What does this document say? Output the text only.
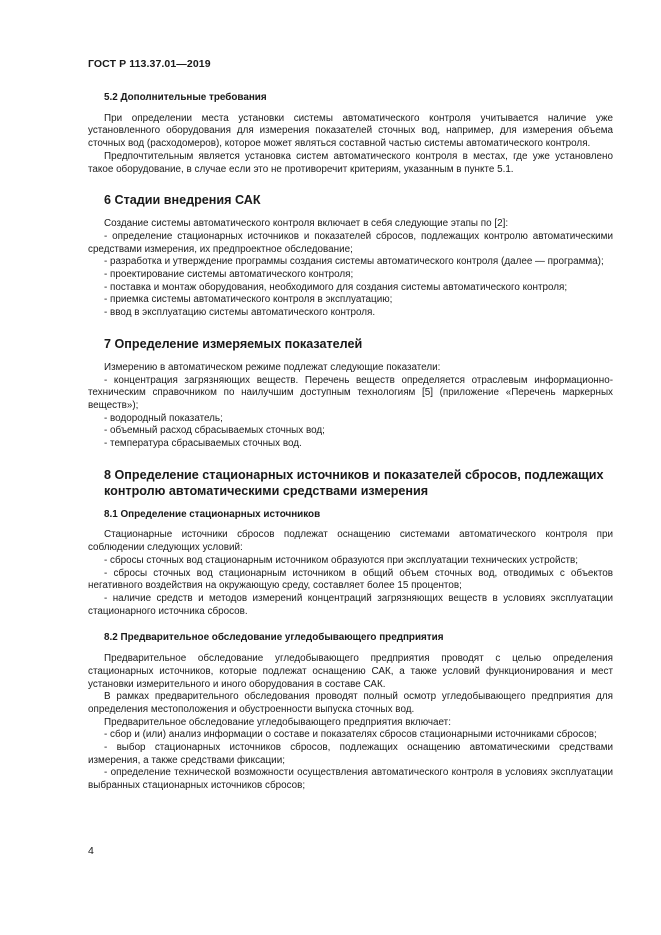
ГОСТ Р 113.37.01—2019
5.2 Дополнительные требования

При определении места установки системы автоматического контроля учитывается наличие уже установленного оборудования для измерения показателей сточных вод, например, для измерения объема сточных вод (расходомеров), которое может являться составной частью системы автоматического контроля.

Предпочтительным является установка систем автоматического контроля в местах, где уже установлено такое оборудование, в случае если это не противоречит критериям, указанным в пункте 5.1.

6 Стадии внедрения САК

Создание системы автоматического контроля включает в себя следующие этапы по [2]:

- определение стационарных источников и показателей сбросов, подлежащих контролю автоматическими средствами измерения, их предпроектное обследование;

- разработка и утверждение программы создания системы автоматического контроля (далее — программа);

- проектирование системы автоматического контроля;

- поставка и монтаж оборудования, необходимого для создания системы автоматического контроля;

- приемка системы автоматического контроля в эксплуатацию;

- ввод в эксплуатацию системы автоматического контроля.

7 Определение измеряемых показателей

Измерению в автоматическом режиме подлежат следующие показатели:

- концентрация загрязняющих веществ. Перечень веществ определяется отраслевым информационно-техническим справочником по наилучшим доступным технологиям [5] (приложение «Перечень маркерных веществ»);

- водородный показатель;

- объемный расход сбрасываемых сточных вод;

- температура сбрасываемых сточных вод.

8 Определение стационарных источников и показателей сбросов, подлежащих контролю автоматическими средствами измерения
8.1 Определение стационарных источников

Стационарные источники сбросов подлежат оснащению системами автоматического контроля при соблюдении следующих условий:

- сбросы сточных вод стационарным источником образуются при эксплуатации технических устройств;

- сбросы сточных вод стационарным источником в общий объем сточных вод, отводимых с объектов негативного воздействия на окружающую среду, составляет более 15 процентов;

- наличие средств и методов измерений концентраций загрязняющих веществ в условиях эксплуатации стационарного источника сбросов.

8.2 Предварительное обследование угледобывающего предприятия

Предварительное обследование угледобывающего предприятия проводят с целью определения стационарных источников, которые подлежат оснащению САК, а также условий функционирования и мест установки измерительного и иного оборудования в составе САК.

В рамках предварительного обследования проводят полный осмотр угледобывающего предприятия для определения местоположения и обустроенности выпуска сточных вод.

Предварительное обследование угледобывающего предприятия включает:

- сбор и (или) анализ информации о составе и показателях сбросов стационарными источниками сбросов;

- выбор стационарных источников сбросов, подлежащих оснащению автоматическими средствами измерения, а также средствами фиксации;

- определение технической возможности осуществления автоматического контроля в условиях эксплуатации выбранных стационарных источников сбросов;

4
